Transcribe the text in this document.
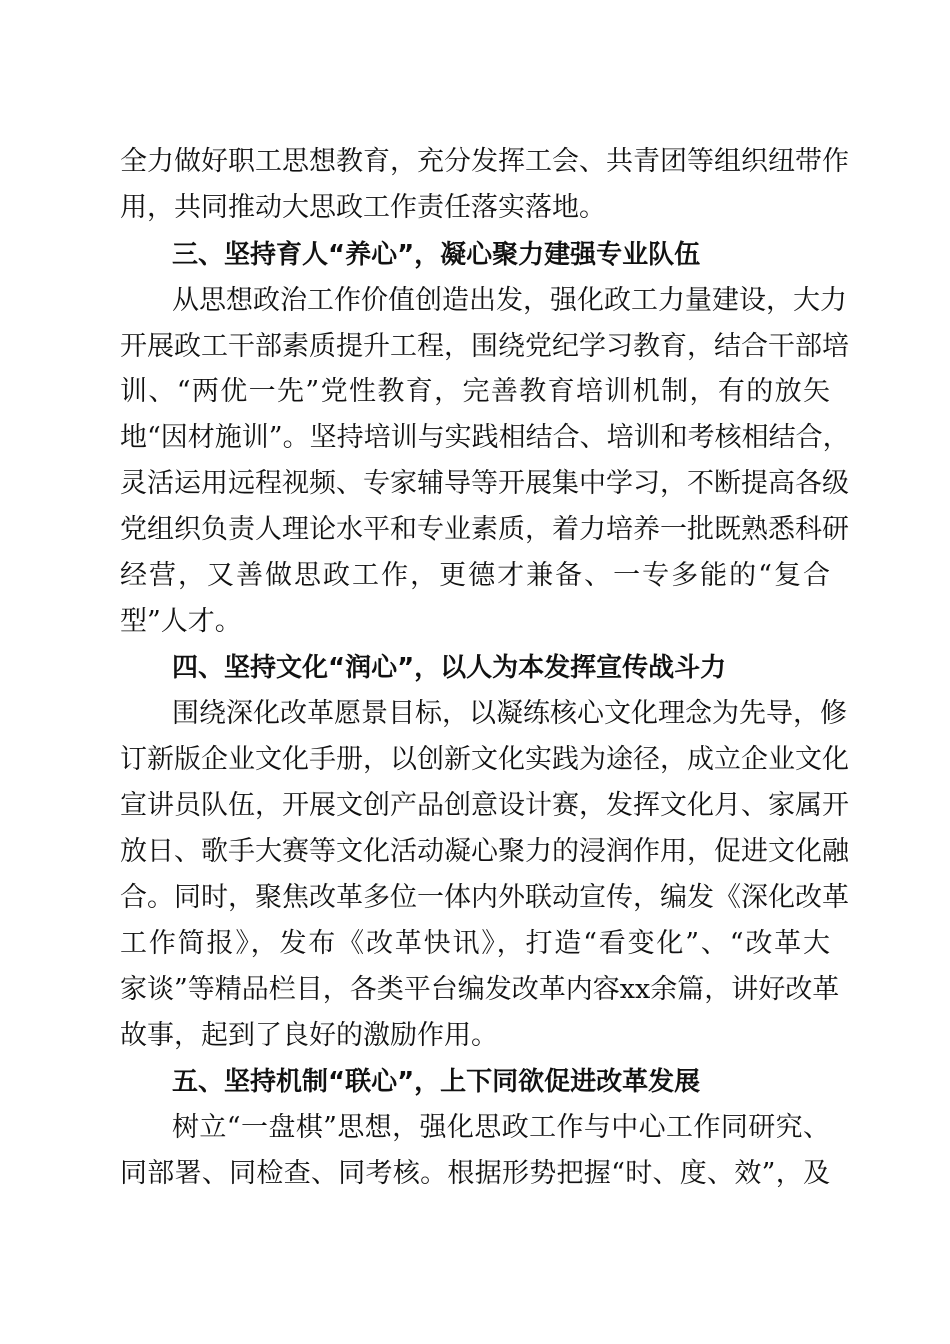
全力做好职工思想教育，充分发挥工会、共青团等组织纽带作
用，共同推动大思政工作责任落实落地。
三、坚持育人“养心”，凝心聚力建强专业队伍
从思想政治工作价值创造出发，强化政工力量建设，大力
开展政工干部素质提升工程，围绕党纪学习教育，结合干部培
训、“两优一先”党性教育，完善教育培训机制，有的放矢
地“因材施训”。坚持培训与实践相结合、培训和考核相结合，
灵活运用远程视频、专家辅导等开展集中学习，不断提高各级
党组织负责人理论水平和专业素质，着力培养一批既熟悉科研
经营，又善做思政工作，更德才兼备、一专多能的“复合
型”人才。
四、坚持文化“润心”，以人为本发挥宣传战斗力
围绕深化改革愿景目标，以凝练核心文化理念为先导，修
订新版企业文化手册，以创新文化实践为途径，成立企业文化
宣讲员队伍，开展文创产品创意设计赛，发挥文化月、家属开
放日、歌手大赛等文化活动凝心聚力的浸润作用，促进文化融
合。同时，聚焦改革多位一体内外联动宣传，编发《深化改革
工作简报》，发布《改革快讯》，打造“看变化”、“改革大
家谈”等精品栏目，各类平台编发改革内容xx余篇，讲好改革
故事，起到了良好的激励作用。
五、坚持机制“联心”，上下同欲促进改革发展
树立“一盘棋”思想，强化思政工作与中心工作同研究、
同部署、同检查、同考核。根据形势把握“时、度、效”，及
